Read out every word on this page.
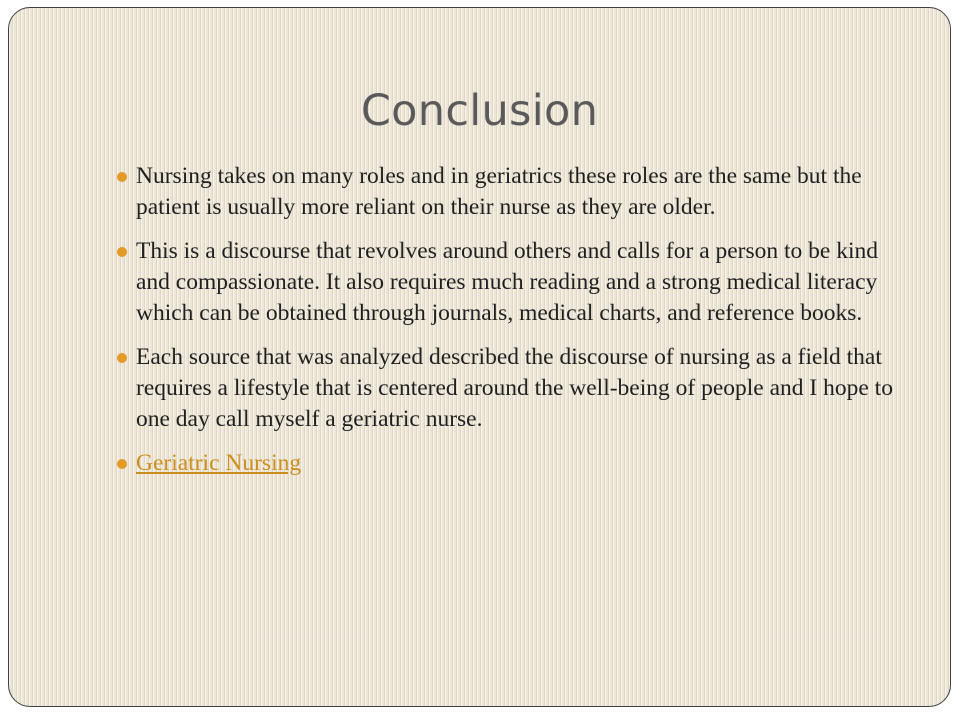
Conclusion
Nursing takes on many roles and in geriatrics these roles are the same but the patient is usually more reliant on their nurse as they are older.
This is a discourse that revolves around others and calls for a person to be kind and compassionate. It also requires much reading and a strong medical literacy which can be obtained through journals, medical charts, and reference books.
Each source that was analyzed described the discourse of nursing as a field that requires a lifestyle that is centered around the well-being of people and I hope to one day call myself a geriatric nurse.
Geriatric Nursing
